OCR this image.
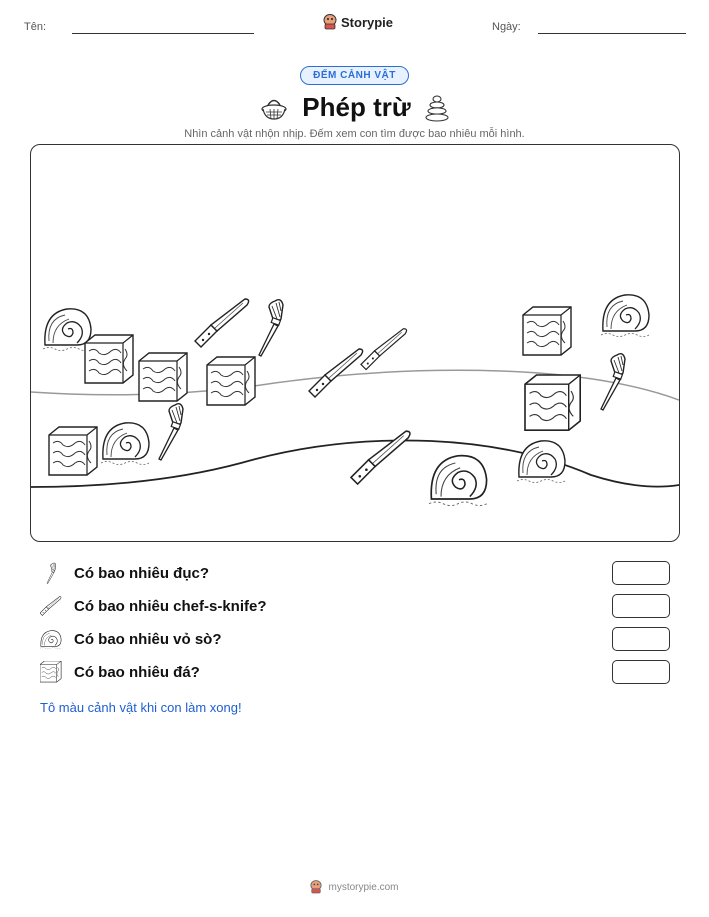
Tên:	Storypie	Ngày:
ĐẾM CẢNH VẬT
Phép trừ
Nhìn cảnh vật nhộn nhịp. Đếm xem con tìm được bao nhiêu mỗi hình.
Có bao nhiêu đục?
Có bao nhiêu chef-s-knife?
Có bao nhiêu vỏ sò?
Có bao nhiêu đá?
Tô màu cảnh vật khi con làm xong!
mystorypie.com
